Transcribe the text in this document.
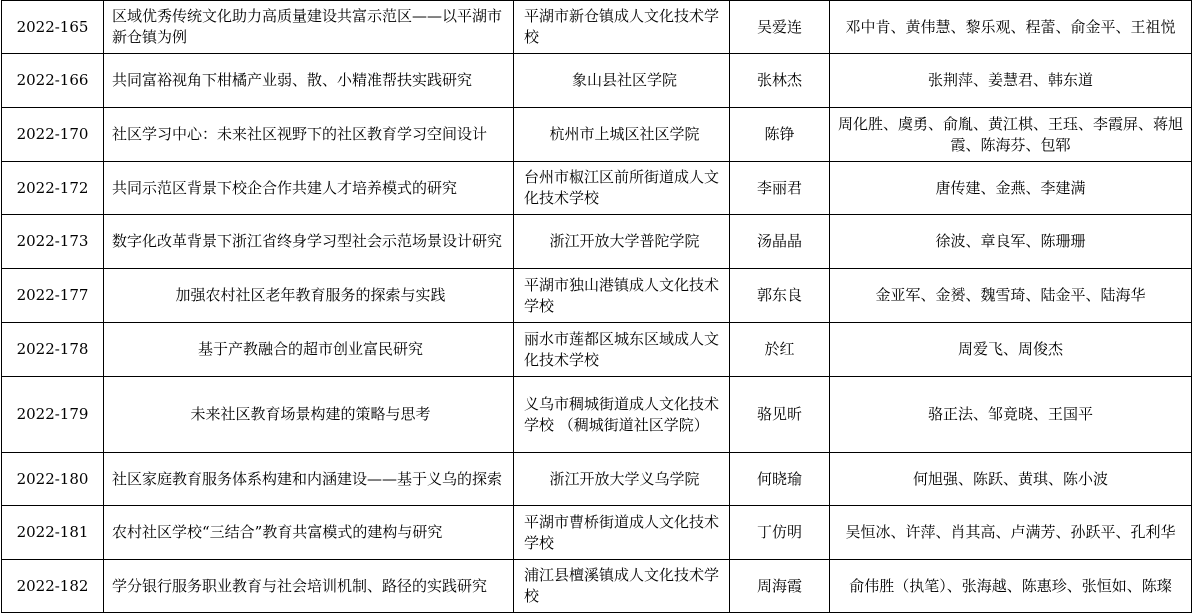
2022-165	区域优秀传统文化助力高质量建设共富示范区——以平湖市新仓镇为例	平湖市新仓镇成人文化技术学校	吴爱连	邓中肯、黄伟慧、黎乐观、程蕾、俞金平、王祖悦
2022-166	共同富裕视角下柑橘产业弱、散、小精准帮扶实践研究	象山县社区学院	张林杰	张荆萍、姜慧君、韩东道
2022-170	社区学习中心：未来社区视野下的社区教育学习空间设计	杭州市上城区社区学院	陈铮	周化胜、虞勇、俞胤、黄江棋、王珏、李霞屏、蒋旭霞、陈海芬、包郓
2022-172	共同示范区背景下校企合作共建人才培养模式的研究	台州市椒江区前所街道成人文化技术学校	李丽君	唐传建、金燕、李建满
2022-173	数字化改革背景下浙江省终身学习型社会示范场景设计研究	浙江开放大学普陀学院	汤晶晶	徐波、章良军、陈珊珊
2022-177	加强农村社区老年教育服务的探索与实践	平湖市独山港镇成人文化技术学校	郭东良	金亚军、金赟、魏雪琦、陆金平、陆海华
2022-178	基于产教融合的超市创业富民研究	丽水市莲都区城东区域成人文化技术学校	於红	周爱飞、周俊杰
2022-179	未来社区教育场景构建的策略与思考	义乌市稠城街道成人文化技术学校 （稠城街道社区学院）	骆见昕	骆正法、邹竟晓、王国平
2022-180	社区家庭教育服务体系构建和内涵建设——基于义乌的探索	浙江开放大学义乌学院	何晓瑜	何旭强、陈跃、黄琪、陈小波
2022-181	农村社区学校“三结合”教育共富模式的建构与研究	平湖市曹桥街道成人文化技术学校	丁仿明	吴恒冰、许萍、肖其高、卢满芳、孙跃平、孔利华
2022-182	学分银行服务职业教育与社会培训机制、路径的实践研究	浦江县檀溪镇成人文化技术学校	周海霞	俞伟胜（执笔）、张海越、陈惠珍、张恒如、陈璨
